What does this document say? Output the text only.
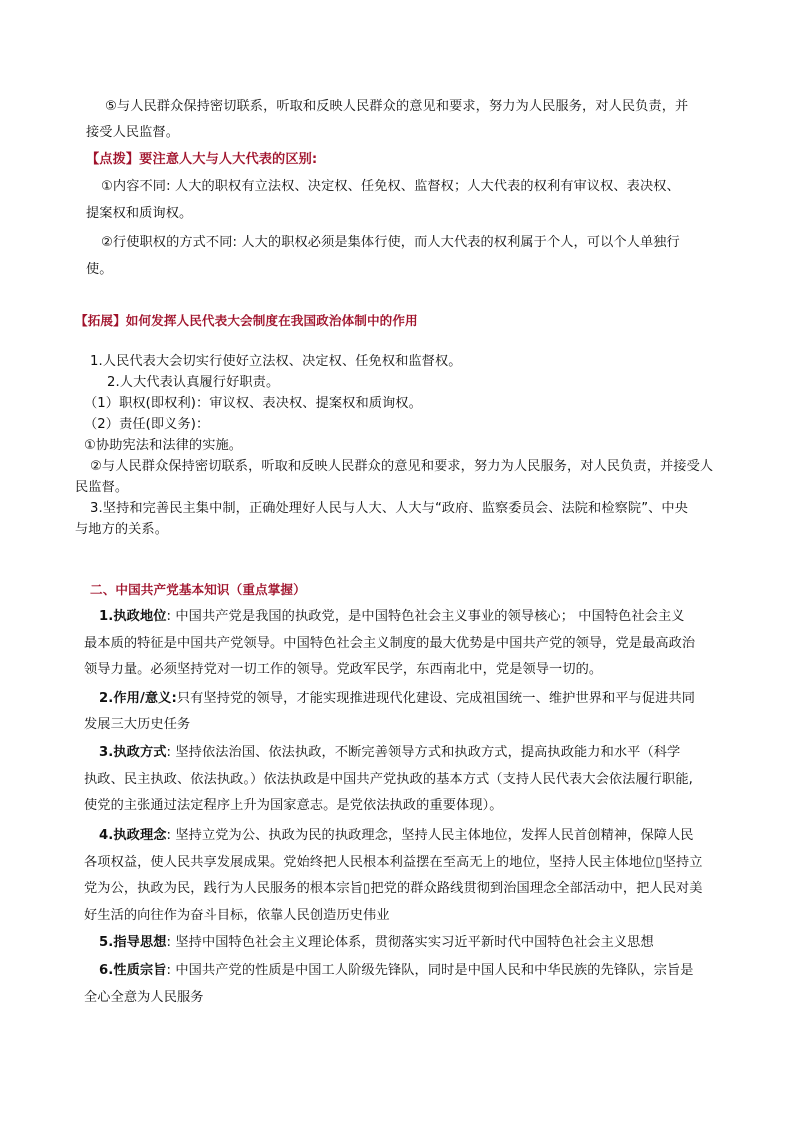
⑤与人民群众保持密切联系，听取和反映人民群众的意见和要求，努力为人民服务，对人民负责，并
接受人民监督。
【点拨】要注意人大与人大代表的区别:
①内容不同: 人大的职权有立法权、决定权、任免权、监督权；人大代表的权利有审议权、表决权、
提案权和质询权。
②行使职权的方式不同: 人大的职权必须是集体行使，而人大代表的权利属于个人，可以个人单独行
使。
【拓展】如何发挥人民代表大会制度在我国政治体制中的作用
1.人民代表大会切实行使好立法权、决定权、任免权和监督权。
2.人大代表认真履行好职责。
（1）职权(即权利)：审议权、表决权、提案权和质询权。
（2）责任(即义务)：
①协助宪法和法律的实施。
②与人民群众保持密切联系，听取和反映人民群众的意见和要求，努力为人民服务，对人民负责，并接受人
民监督。
3.坚持和完善民主集中制，正确处理好人民与人大、人大与“政府、监察委员会、法院和检察院”、中央
与地方的关系。
二、中国共产党基本知识（重点掌握）
1.执政地位: 中国共产党是我国的执政党，是中国特色社会主义事业的领导核心； 中国特色社会主义
最本质的特征是中国共产党领导。中国特色社会主义制度的最大优势是中国共产党的领导，党是最高政治
领导力量。必须坚持党对一切工作的领导。党政军民学，东西南北中，党是领导一切的。
2.作用/意义:只有坚持党的领导，才能实现推进现代化建设、完成祖国统一、维护世界和平与促进共同
发展三大历史任务
3.执政方式: 坚持依法治国、依法执政，不断完善领导方式和执政方式，提高执政能力和水平（科学
执政、民主执政、依法执政。）依法执政是中国共产党执政的基本方式（支持人民代表大会依法履行职能,
使党的主张通过法定程序上升为国家意志。是党依法执政的重要体现）。
4.执政理念: 坚持立党为公、执政为民的执政理念，坚持人民主体地位，发挥人民首创精神，保障人民
各项权益，使人民共享发展成果。党始终把人民根本利益摆在至高无上的地位，坚持人民主体地位▯坚持立
党为公，执政为民，践行为人民服务的根本宗旨▯把党的群众路线贯彻到治国理念全部活动中，把人民对美
好生活的向往作为奋斗目标，依靠人民创造历史伟业
5.指导思想: 坚持中国特色社会主义理论体系，贯彻落实实习近平新时代中国特色社会主义思想
6.性质宗旨: 中国共产党的性质是中国工人阶级先锋队，同时是中国人民和中华民族的先锋队，宗旨是
全心全意为人民服务
